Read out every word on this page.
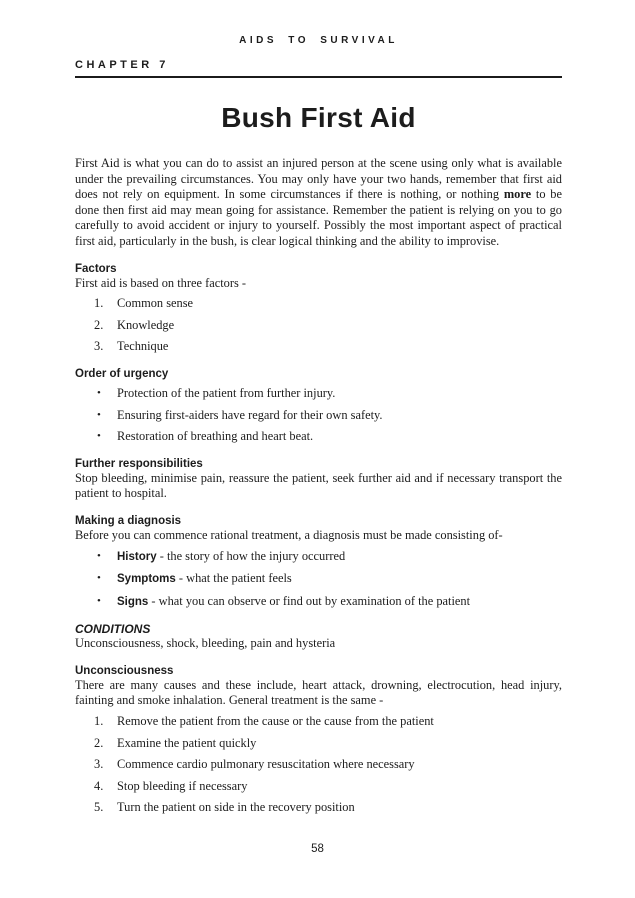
AIDS TO SURVIVAL
CHAPTER 7
Bush First Aid

First Aid is what you can do to assist an injured person at the scene using only what is available under the prevailing circumstances. You may only have your two hands, remember that first aid does not rely on equipment. In some circumstances if there is nothing, or nothing more to be done then first aid may mean going for assistance. Remember the patient is relying on you to go carefully to avoid accident or injury to yourself. Possibly the most important aspect of practical first aid, particularly in the bush, is clear logical thinking and the ability to improvise.

Factors

First aid is based on three factors -

1.	Common sense
2.	Knowledge
3.	Technique
Order of urgency
•	Protection of the patient from further injury.
•	Ensuring first-aiders have regard for their own safety.
•	Restoration of breathing and heart beat.
Further responsibilities

Stop bleeding, minimise pain, reassure the patient, seek further aid and if necessary transport the patient to hospital.

Making a diagnosis

Before you can commence rational treatment, a diagnosis must be made consisting of-

•	History - the story of how the injury occurred
•	Symptoms - what the patient feels
•	Signs - what you can observe or find out by examination of the patient
CONDITIONS

Unconsciousness, shock, bleeding, pain and hysteria

Unconsciousness

There are many causes and these include, heart attack, drowning, electrocution, head injury, fainting and smoke inhalation. General treatment is the same -

1.	Remove the patient from the cause or the cause from the patient
2.	Examine the patient quickly
3.	Commence cardio pulmonary resuscitation where necessary
4.	Stop bleeding if necessary
5.	Turn the patient on side in the recovery position
58
